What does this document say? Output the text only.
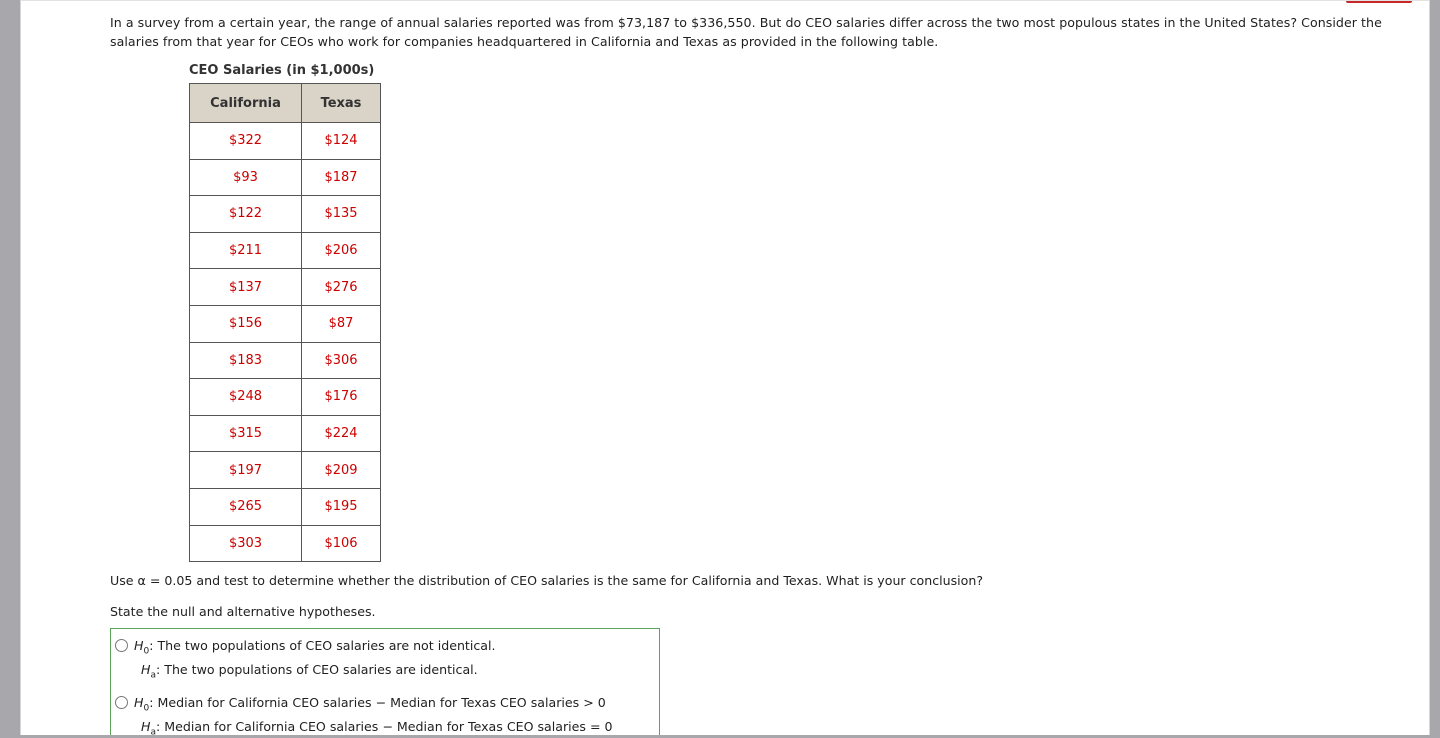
In a survey from a certain year, the range of annual salaries reported was from $73,187 to $336,550. But do CEO salaries differ across the two most populous states in the United States? Consider the salaries from that year for CEOs who work for companies headquartered in California and Texas as provided in the following table.
CEO Salaries (in $1,000s)
California	Texas
$322	$124
$93	$187
$122	$135
$211	$206
$137	$276
$156	$87
$183	$306
$248	$176
$315	$224
$197	$209
$265	$195
$303	$106
Use α = 0.05 and test to determine whether the distribution of CEO salaries is the same for California and Texas. What is your conclusion?
State the null and alternative hypotheses.
$H_0$: The two populations of CEO salaries are not identical.
$H_a$: The two populations of CEO salaries are identical.
$H_0$: Median for California CEO salaries − Median for Texas CEO salaries > 0
$H_a$: Median for California CEO salaries − Median for Texas CEO salaries = 0
